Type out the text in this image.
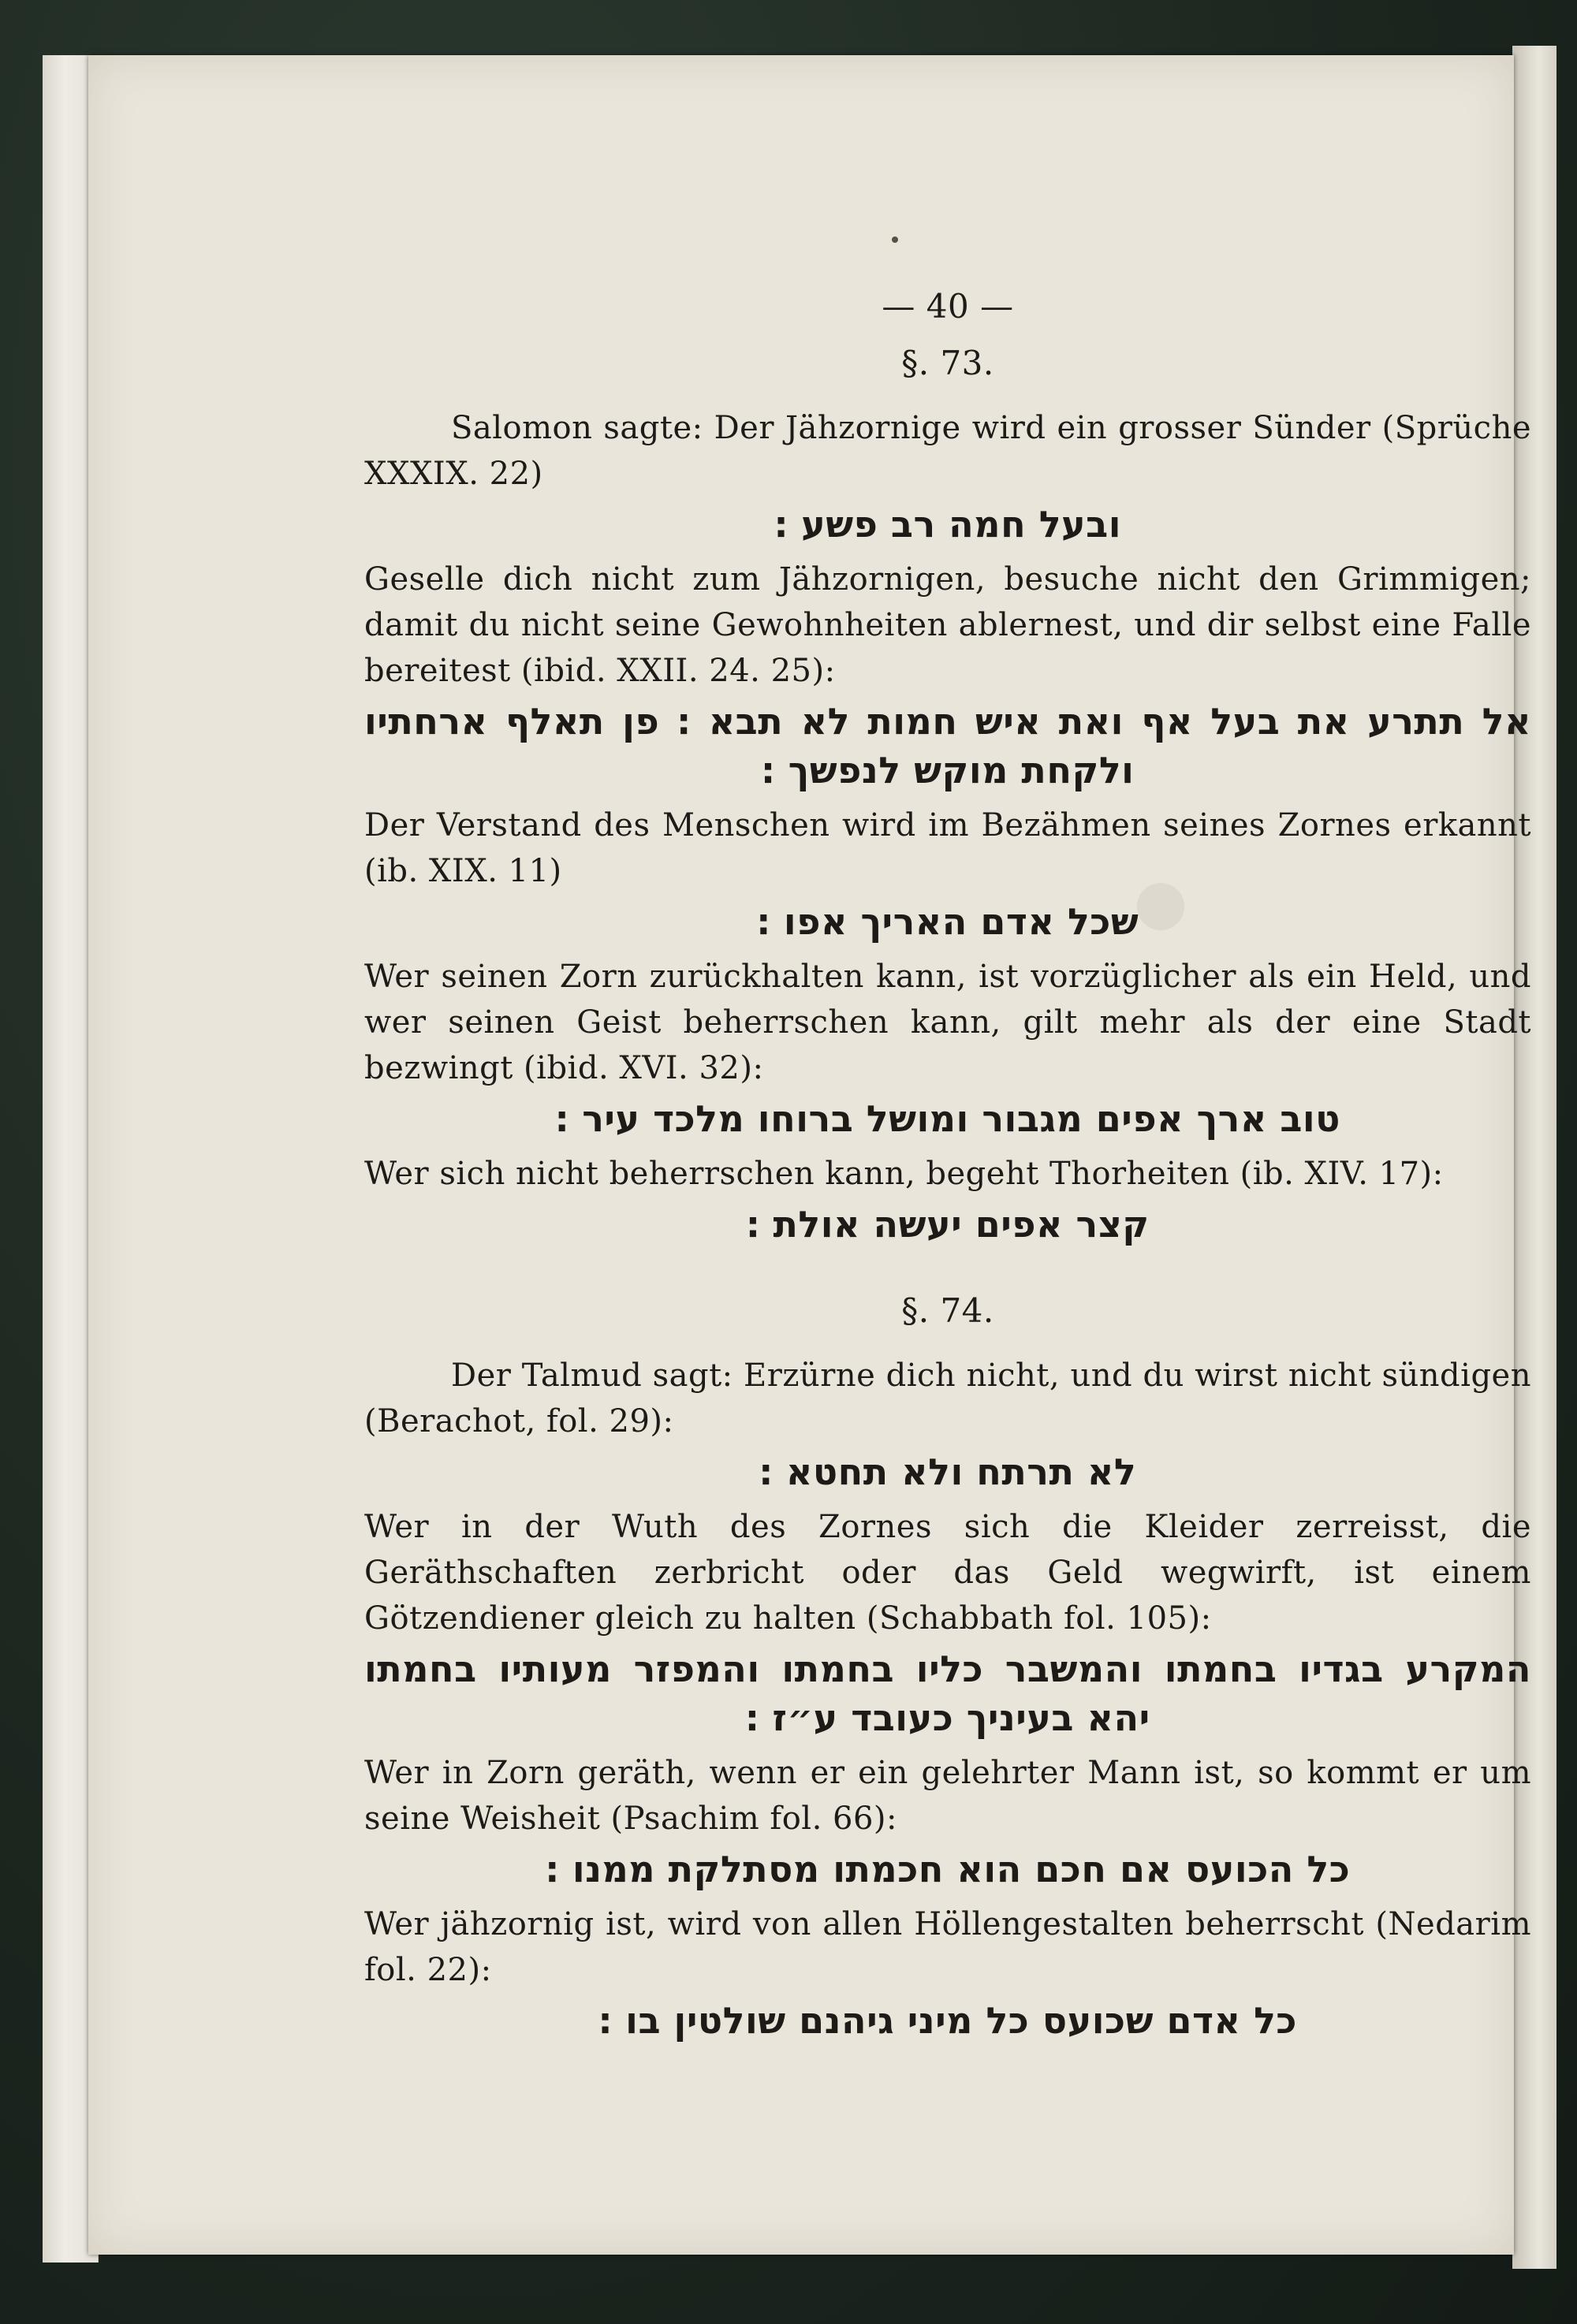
— 40 —
§. 73.
Salomon sagte: Der Jähzornige wird ein grosser Sünder (Sprüche XXXIX. 22)
ובעל חמה רב פשע ׃
Geselle dich nicht zum Jähzornigen, besuche nicht den Grimmigen; damit du nicht seine Gewohnheiten ablernest, und dir selbst eine Falle bereitest (ibid. XXII. 24. 25):
אל תתרע את בעל אף ואת איש חמות לא תבא ׃ פן תאלף ארחתיו ולקחת מוקש לנפשך ׃
Der Verstand des Menschen wird im Bezähmen seines Zornes erkannt (ib. XIX. 11)
שכל אדם האריך אפו ׃
Wer seinen Zorn zurückhalten kann, ist vorzüglicher als ein Held, und wer seinen Geist beherrschen kann, gilt mehr als der eine Stadt bezwingt (ibid. XVI. 32):
טוב ארך אפים מגבור ומושל ברוחו מלכד עיר ׃
Wer sich nicht beherrschen kann, begeht Thorheiten (ib. XIV. 17):
קצר אפים יעשה אולת ׃
§. 74.
Der Talmud sagt: Erzürne dich nicht, und du wirst nicht sündigen (Berachot, fol. 29):
לא תרתח ולא תחטא ׃
Wer in der Wuth des Zornes sich die Kleider zerreisst, die Geräthschaften zerbricht oder das Geld wegwirft, ist einem Götzendiener gleich zu halten (Schabbath fol. 105):
המקרע בגדיו בחמתו והמשבר כליו בחמתו והמפזר מעותיו בחמתו יהא בעיניך כעובד ע״ז ׃
Wer in Zorn geräth, wenn er ein gelehrter Mann ist, so kommt er um seine Weisheit (Psachim fol. 66):
כל הכועס אם חכם הוא חכמתו מסתלקת ממנו ׃
Wer jähzornig ist, wird von allen Höllengestalten beherrscht (Nedarim fol. 22):
כל אדם שכועס כל מיני גיהנם שולטין בו ׃
